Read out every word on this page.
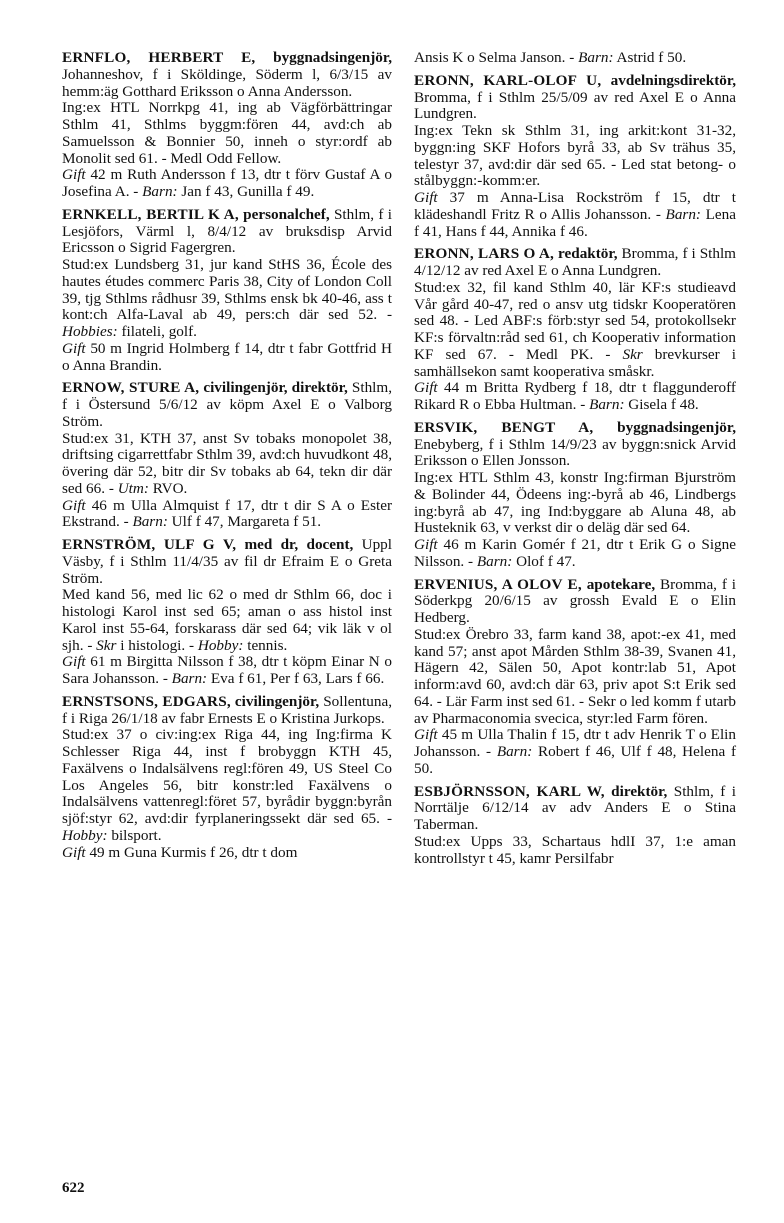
ERNFLO, HERBERT E, byggnadsingenjör, Johanneshov, f i Sköldinge, Söderm l, 6/3/15 av hemm:äg Gotthard Eriksson o Anna Andersson.

Ing:ex HTL Norrkpg 41, ing ab Vägförbättringar Sthlm 41, Sthlms byggm:fören 44, avd:ch ab Samuelsson & Bonnier 50, inneh o styr:ordf ab Monolit sed 61. - Medl Odd Fellow.

Gift 42 m Ruth Andersson f 13, dtr t förv Gustaf A o Josefina A. - Barn: Jan f 43, Gunilla f 49.

ERNKELL, BERTIL K A, personalchef, Sthlm, f i Lesjöfors, Värml l, 8/4/12 av bruksdisp Arvid Ericsson o Sigrid Fagergren.

Stud:ex Lundsberg 31, jur kand StHS 36, École des hautes études commerc Paris 38, City of London Coll 39, tjg Sthlms rådhusr 39, Sthlms ensk bk 40-46, ass t kont:ch Alfa-Laval ab 49, pers:ch där sed 52. - Hobbies: filateli, golf.

Gift 50 m Ingrid Holmberg f 14, dtr t fabr Gottfrid H o Anna Brandin.

ERNOW, STURE A, civilingenjör, direktör, Sthlm, f i Östersund 5/6/12 av köpm Axel E o Valborg Ström.

Stud:ex 31, KTH 37, anst Sv tobaks monopolet 38, driftsing cigarrettfabr Sthlm 39, avd:ch huvudkont 48, övering där 52, bitr dir Sv tobaks ab 64, tekn dir där sed 66. - Utm: RVO.

Gift 46 m Ulla Almquist f 17, dtr t dir S A o Ester Ekstrand. - Barn: Ulf f 47, Margareta f 51.

ERNSTRÖM, ULF G V, med dr, docent, Uppl Väsby, f i Sthlm 11/4/35 av fil dr Efraim E o Greta Ström.

Med kand 56, med lic 62 o med dr Sthlm 66, doc i histologi Karol inst sed 65; aman o ass histol inst Karol inst 55-64, forskarass där sed 64; vik läk v ol sjh. - Skr i histologi. - Hobby: tennis.

Gift 61 m Birgitta Nilsson f 38, dtr t köpm Einar N o Sara Johansson. - Barn: Eva f 61, Per f 63, Lars f 66.

ERNSTSONS, EDGARS, civilingenjör, Sollentuna, f i Riga 26/1/18 av fabr Ernests E o Kristina Jurkops.

Stud:ex 37 o civ:ing:ex Riga 44, ing Ing:firma K Schlesser Riga 44, inst f brobyggn KTH 45, Faxälvens o Indalsälvens regl:fören 49, US Steel Co Los Angeles 56, bitr konstr:led Faxälvens o Indalsälvens vattenregl:föret 57, byrådir byggn:byrån sjöf:styr 62, avd:dir fyrplaneringssekt där sed 65. - Hobby: bilsport.

Gift 49 m Guna Kurmis f 26, dtr t dom

Ansis K o Selma Janson. - Barn: Astrid f 50.

ERONN, KARL-OLOF U, avdelningsdirektör, Bromma, f i Sthlm 25/5/09 av red Axel E o Anna Lundgren.

Ing:ex Tekn sk Sthlm 31, ing arkit:kont 31-32, byggn:ing SKF Hofors byrå 33, ab Sv trähus 35, telestyr 37, avd:dir där sed 65. - Led stat betong- o stålbyggn:-komm:er.

Gift 37 m Anna-Lisa Rockström f 15, dtr t klädeshandl Fritz R o Allis Johansson. - Barn: Lena f 41, Hans f 44, Annika f 46.

ERONN, LARS O A, redaktör, Bromma, f i Sthlm 4/12/12 av red Axel E o Anna Lundgren.

Stud:ex 32, fil kand Sthlm 40, lär KF:s studieavd Vår gård 40-47, red o ansv utg tidskr Kooperatören sed 48. - Led ABF:s förb:styr sed 54, protokollsekr KF:s förvaltn:råd sed 61, ch Kooperativ information KF sed 67. - Medl PK. - Skr brevkurser i samhällsekon samt kooperativa småskr.

Gift 44 m Britta Rydberg f 18, dtr t flaggunderoff Rikard R o Ebba Hultman. - Barn: Gisela f 48.

ERSVIK, BENGT A, byggnadsingenjör, Enebyberg, f i Sthlm 14/9/23 av byggn:snick Arvid Eriksson o Ellen Jonsson.

Ing:ex HTL Sthlm 43, konstr Ing:firman Bjurström & Bolinder 44, Ödeens ing:-byrå ab 46, Lindbergs ing:byrå ab 47, ing Ind:byggare ab Aluna 48, ab Husteknik 63, v verkst dir o deläg där sed 64.

Gift 46 m Karin Gomér f 21, dtr t Erik G o Signe Nilsson. - Barn: Olof f 47.

ERVENIUS, A OLOV E, apotekare, Bromma, f i Söderkpg 20/6/15 av grossh Evald E o Elin Hedberg.

Stud:ex Örebro 33, farm kand 38, apot:-ex 41, med kand 57; anst apot Mården Sthlm 38-39, Svanen 41, Hägern 42, Sälen 50, Apot kontr:lab 51, Apot inform:avd 60, avd:ch där 63, priv apot S:t Erik sed 64. - Lär Farm inst sed 61. - Sekr o led komm f utarb av Pharmaconomia svecica, styr:led Farm fören.

Gift 45 m Ulla Thalin f 15, dtr t adv Henrik T o Elin Johansson. - Barn: Robert f 46, Ulf f 48, Helena f 50.

ESBJÖRNSSON, KARL W, direktör, Sthlm, f i Norrtälje 6/12/14 av adv Anders E o Stina Taberman.

Stud:ex Upps 33, Schartaus hdlI 37, 1:e aman kontrollstyr t 45, kamr Persilfabr

622
